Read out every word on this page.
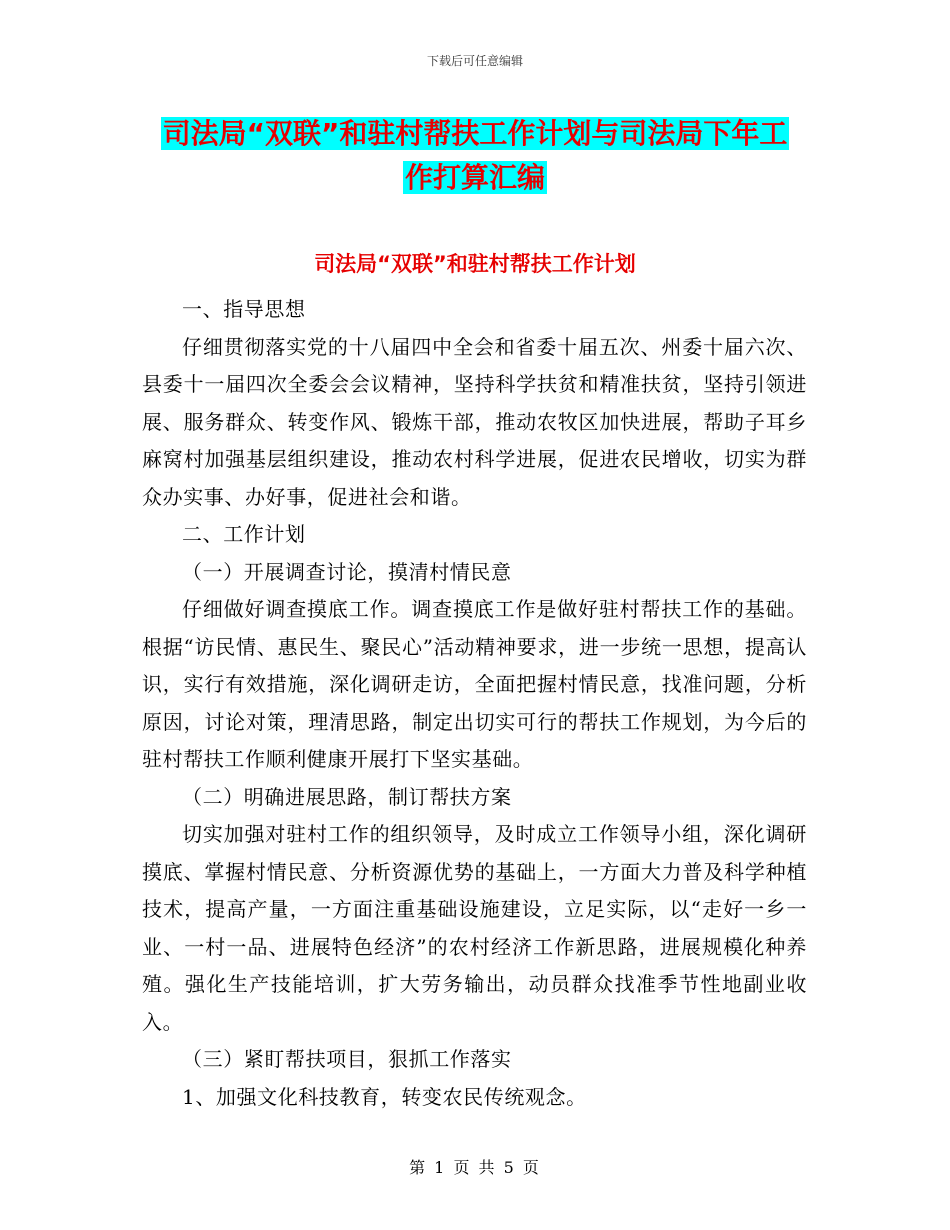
下载后可任意编辑
司法局“双联”和驻村帮扶工作计划与司法局下年工
作打算汇编
司法局“双联”和驻村帮扶工作计划

一、指导思想

仔细贯彻落实党的十八届四中全会和省委十届五次、州委十届六次、县委十一届四次全委会会议精神，坚持科学扶贫和精准扶贫，坚持引领进展、服务群众、转变作风、锻炼干部，推动农牧区加快进展，帮助子耳乡麻窝村加强基层组织建设，推动农村科学进展，促进农民增收，切实为群众办实事、办好事，促进社会和谐。

二、工作计划

（一）开展调查讨论，摸清村情民意

仔细做好调查摸底工作。调查摸底工作是做好驻村帮扶工作的基础。根据“访民情、惠民生、聚民心”活动精神要求，进一步统一思想，提高认识，实行有效措施，深化调研走访，全面把握村情民意，找准问题，分析原因，讨论对策，理清思路，制定出切实可行的帮扶工作规划，为今后的驻村帮扶工作顺利健康开展打下坚实基础。

（二）明确进展思路，制订帮扶方案

切实加强对驻村工作的组织领导，及时成立工作领导小组，深化调研摸底、掌握村情民意、分析资源优势的基础上，一方面大力普及科学种植技术，提高产量，一方面注重基础设施建设，立足实际，以“走好一乡一业、一村一品、进展特色经济”的农村经济工作新思路，进展规模化种养殖。强化生产技能培训，扩大劳务输出，动员群众找准季节性地副业收入。

（三）紧盯帮扶项目，狠抓工作落实

1、加强文化科技教育，转变农民传统观念。

第 1 页 共 5 页
